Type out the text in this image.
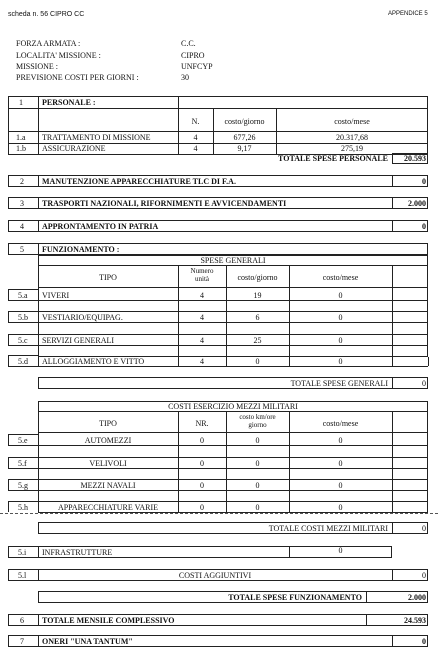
scheda n. 56 CIPRO CC	APPENDICE 5
FORZA ARMATA :	C.C.
LOCALITA' MISSIONE :	CIPRO
MISSIONE :	UNFCYP
PREVISIONE COSTI PER GIORNI :	30
1 PERSONALE :
N.	costo/giorno	costo/mese
1.a TRATTAMENTO DI MISSIONE	4	677,26	20.317,68
1.b ASSICURAZIONE	4	9,17	275,19
TOTALE SPESE PERSONALE	20.593
2 MANUTENZIONE APPARECCHIATURE TLC DI F.A.	0
3 TRASPORTI NAZIONALI, RIFORNIMENTI E AVVICENDAMENTI	2.000
4 APPRONTAMENTO IN PATRIA	0
5 FUNZIONAMENTO :
SPESE GENERALI
TIPO
Numero unità	costo/giorno	costo/mese
5.a VIVERI	4	19	0
5.b VESTIARIO/EQUIPAG.	4	6	0
5.c SERVIZI GENERALI	4	25	0
5.d ALLOGGIAMENTO E VITTO	4	0	0
TOTALE SPESE GENERALI	0
COSTI ESERCIZIO MEZZI MILITARI
TIPO	NR.
costo km/ore giorno	costo/mese
5.e	AUTOMEZZI	0	0	0
5.f	VELIVOLI	0	0	0
5.g	MEZZI NAVALI	0	0	0
5.h	APPARECCHIATURE VARIE	0	0	0
TOTALE COSTI MEZZI MILITARI	0
5.i INFRASTRUTTURE	0
5.l	COSTI AGGIUNTIVI	0
TOTALE SPESE FUNZIONAMENTO	2.000
6 TOTALE MENSILE COMPLESSIVO	24.593
7 ONERI "UNA TANTUM"	0
